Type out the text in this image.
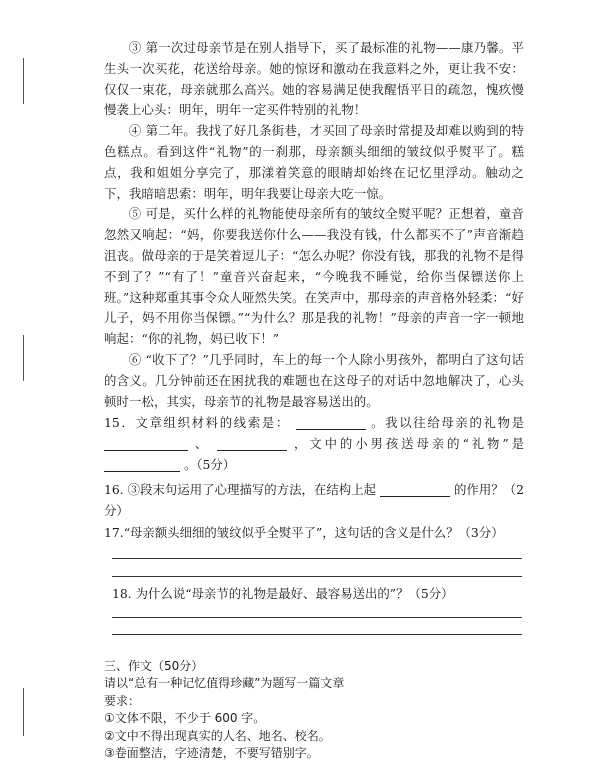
③ 第一次过母亲节是在别人指导下，买了最标准的礼物——康乃馨。平生头一次买花，花送给母亲。她的惊讶和激动在我意料之外，更让我不安：仅仅一束花，母亲就那么高兴。她的容易满足使我醒悟平日的疏忽，愧疚慢慢袭上心头：明年，明年一定买件特别的礼物！

④ 第二年。我找了好几条街巷，才买回了母亲时常提及却难以购到的特色糕点。看到这件“礼物”的一刹那，母亲额头细细的皱纹似乎熨平了。糕点，我和姐姐分享完了，那漾着笑意的眼睛却始终在记忆里浮动。触动之下，我暗暗思索：明年，明年我要让母亲大吃一惊。

⑤ 可是，买什么样的礼物能使母亲所有的皱纹全熨平呢？正想着，童音忽然又响起：“妈，你要我送你什么——我没有钱，什么都买不了”声音渐趋沮丧。做母亲的于是笑着逗儿子：“怎么办呢？你没有钱，那我的礼物不是得不到了？”“有了！”童音兴奋起来，“今晚我不睡觉，给你当保镖送你上班。”这种郑重其事令众人哑然失笑。在笑声中，那母亲的声音格外轻柔：“好儿子，妈不用你当保镖。”“为什么？那是我的礼物！”母亲的声音一字一顿地响起：“你的礼物，妈已收下！”

⑥ “收下了？”几乎同时，车上的每一个人除小男孩外，都明白了这句话的含义。几分钟前还在困扰我的难题也在这母子的对话中忽地解决了，心头顿时一松，其实，母亲节的礼物是最容易送出的。

15．文章组织材料的线索是：	。我以往给母亲的礼物是  、	，文中的小男孩送母亲的“礼物”是  。（5分）

16. ③段末句运用了心理描写的方法，在结构上起	的作用？（2分）

17.“母亲额头细细的皱纹似乎全熨平了”，这句话的含义是什么？（3分）

18. 为什么说“母亲节的礼物是最好、最容易送出的”？（5分）

三、作文（50分）

请以“总有一种记忆值得珍藏”为题写一篇文章

要求：

①文体不限，不少于 600 字。

②文中不得出现真实的人名、地名、校名。

③卷面整洁，字迹清楚，不要写错别字。
